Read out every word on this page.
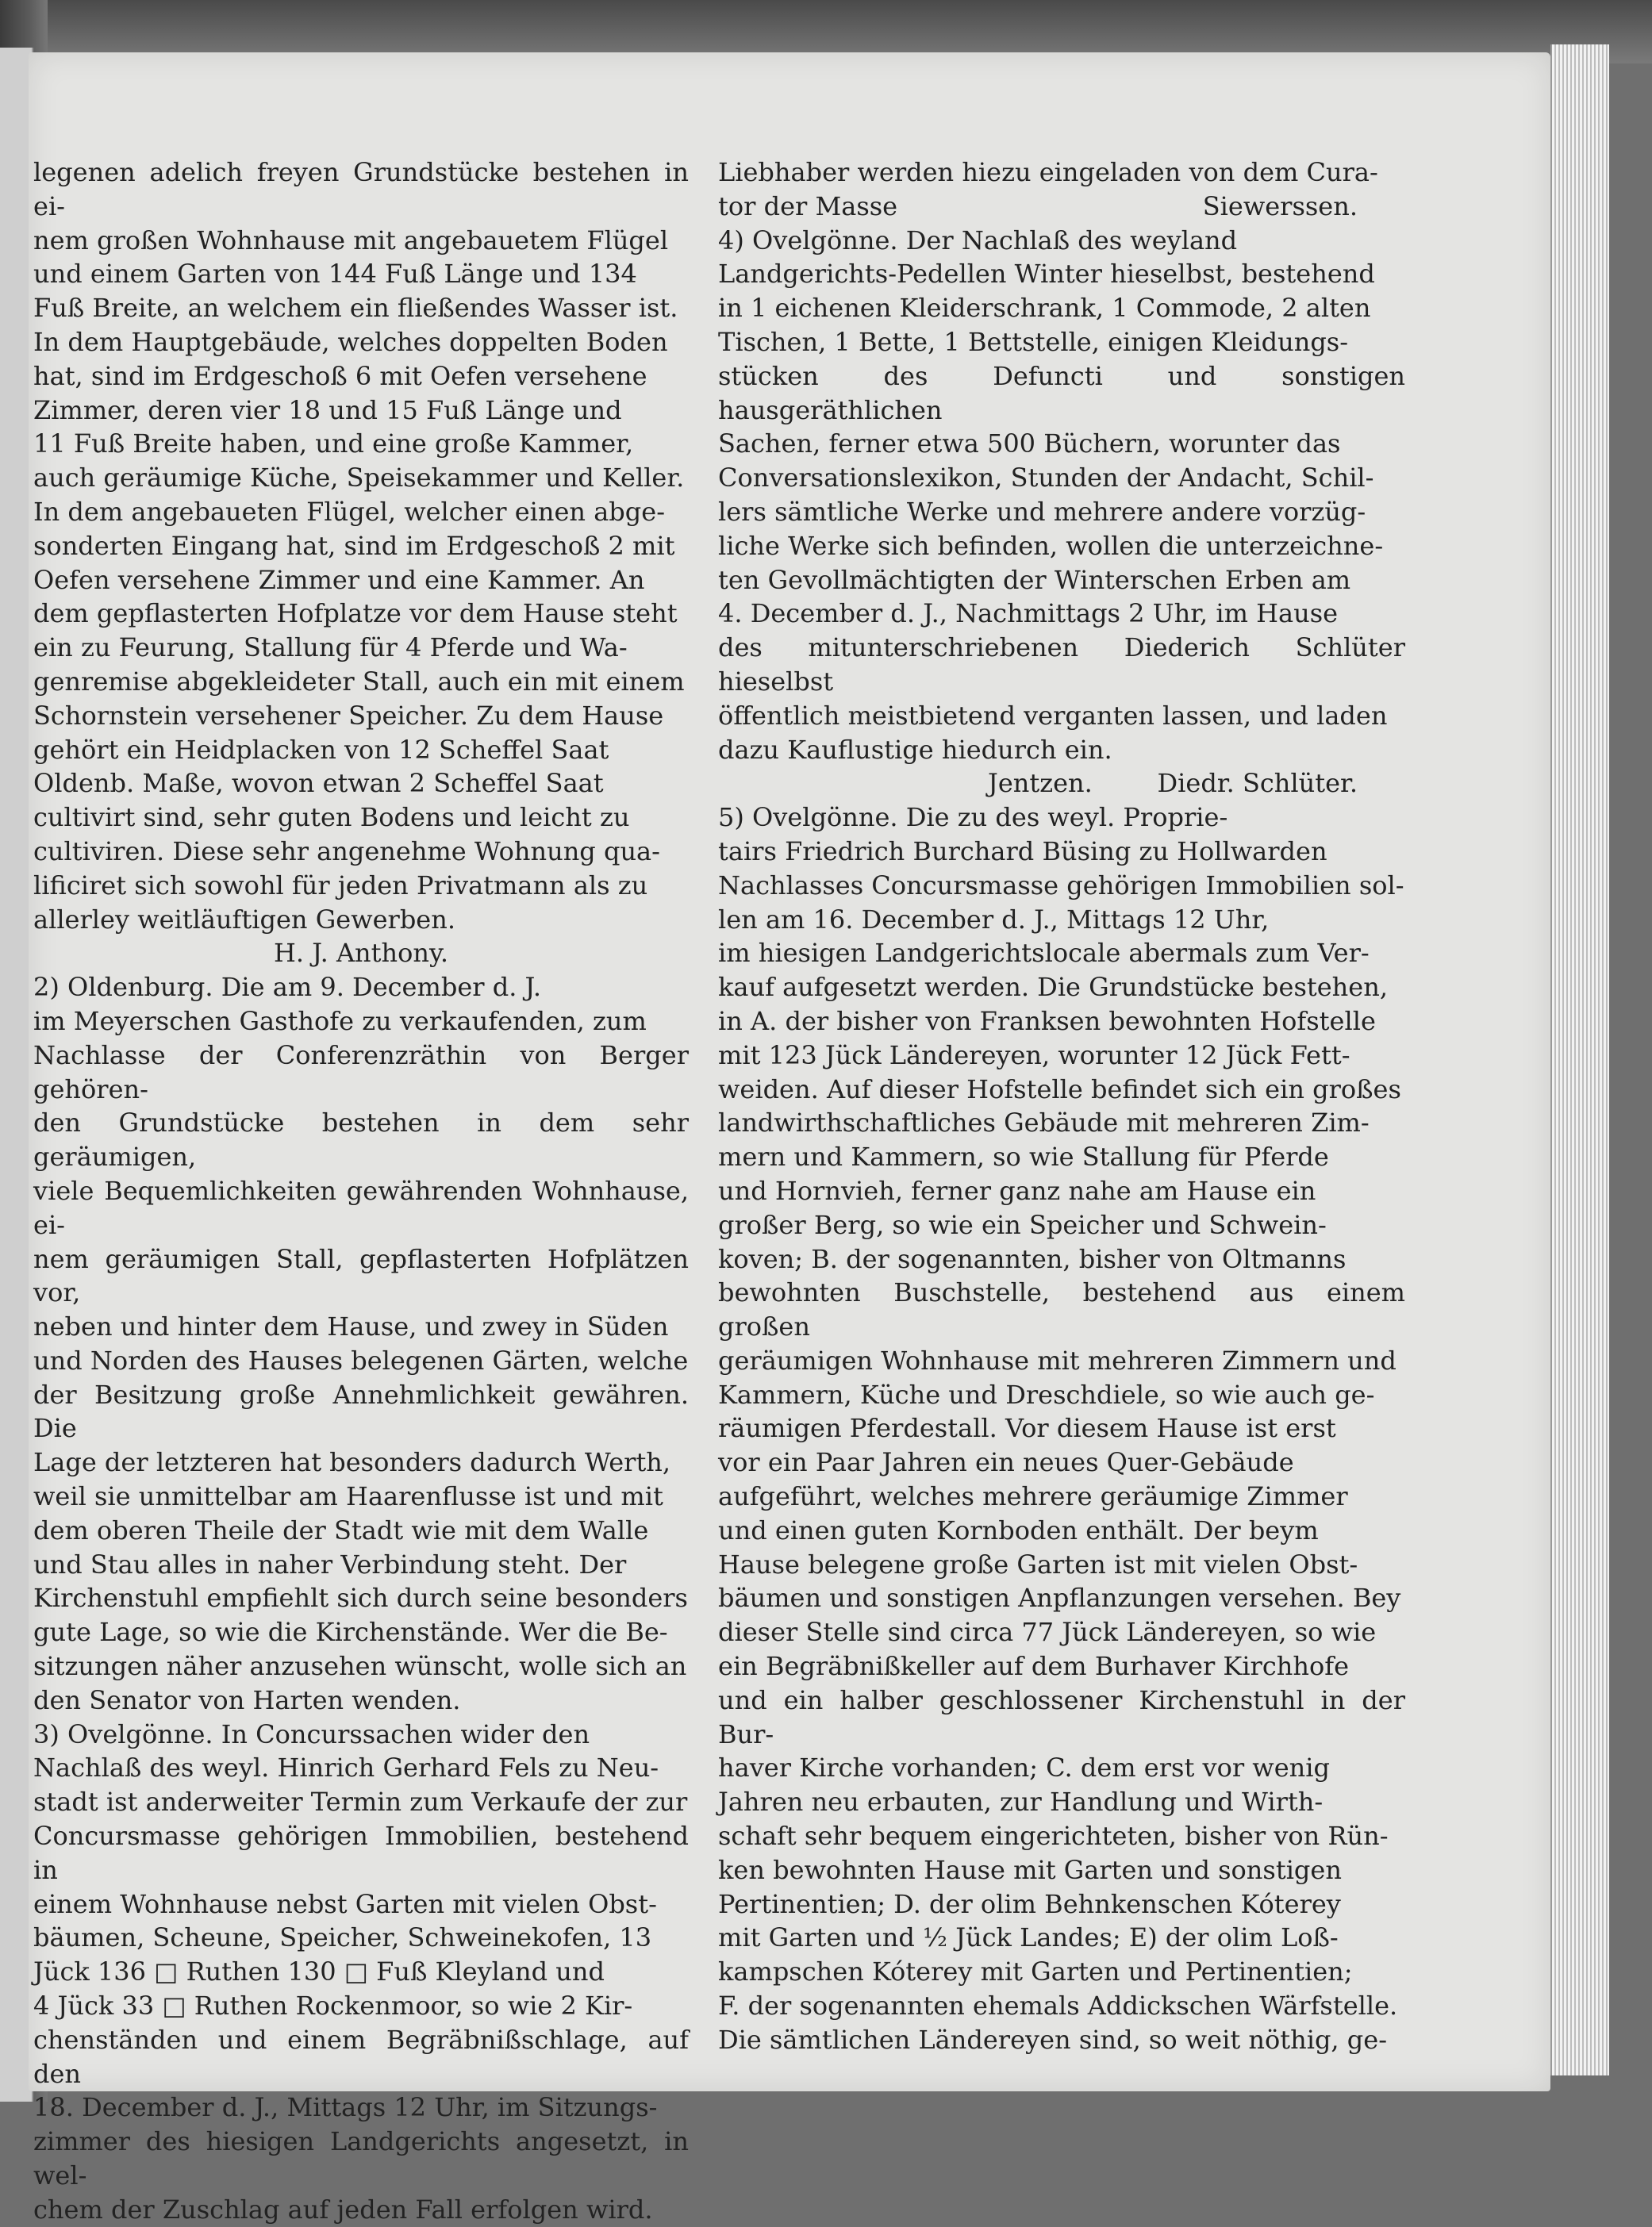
legenen adelich freyen Grundstücke bestehen in ei-
nem großen Wohnhause mit angebauetem Flügel
und einem Garten von 144 Fuß Länge und 134
Fuß Breite, an welchem ein fließendes Wasser ist.
In dem Hauptgebäude, welches doppelten Boden
hat, sind im Erdgeschoß 6 mit Oefen versehene
Zimmer, deren vier 18 und 15 Fuß Länge und
11 Fuß Breite haben, und eine große Kammer,
auch geräumige Küche, Speisekammer und Keller.
In dem angebaueten Flügel, welcher einen abge-
sonderten Eingang hat, sind im Erdgeschoß 2 mit
Oefen versehene Zimmer und eine Kammer. An
dem gepflasterten Hofplatze vor dem Hause steht
ein zu Feurung, Stallung für 4 Pferde und Wa-
genremise abgekleideter Stall, auch ein mit einem
Schornstein versehener Speicher. Zu dem Hause
gehört ein Heidplacken von 12 Scheffel Saat
Oldenb. Maße, wovon etwan 2 Scheffel Saat
cultivirt sind, sehr guten Bodens und leicht zu
cultiviren. Diese sehr angenehme Wohnung qua-
lificiret sich sowohl für jeden Privatmann als zu
allerley weitläuftigen Gewerben.

H. J. Anthony.

2) Oldenburg. Die am 9. December d. J.
im Meyerschen Gasthofe zu verkaufenden, zum
Nachlasse der Conferenzräthin von Berger gehören-
den Grundstücke bestehen in dem sehr geräumigen,
viele Bequemlichkeiten gewährenden Wohnhause, ei-
nem geräumigen Stall, gepflasterten Hofplätzen vor,
neben und hinter dem Hause, und zwey in Süden
und Norden des Hauses belegenen Gärten, welche
der Besitzung große Annehmlichkeit gewähren. Die
Lage der letzteren hat besonders dadurch Werth,
weil sie unmittelbar am Haarenflusse ist und mit
dem oberen Theile der Stadt wie mit dem Walle
und Stau alles in naher Verbindung steht. Der
Kirchenstuhl empfiehlt sich durch seine besonders
gute Lage, so wie die Kirchenstände. Wer die Be-
sitzungen näher anzusehen wünscht, wolle sich an
den Senator von Harten wenden.

3) Ovelgönne. In Concurssachen wider den
Nachlaß des weyl. Hinrich Gerhard Fels zu Neu-
stadt ist anderweiter Termin zum Verkaufe der zur
Concursmasse gehörigen Immobilien, bestehend in
einem Wohnhause nebst Garten mit vielen Obst-
bäumen, Scheune, Speicher, Schweinekofen, 13
Jück 136 □ Ruthen 130 □ Fuß Kleyland und
4 Jück 33 □ Ruthen Rockenmoor, so wie 2 Kir-
chenständen und einem Begräbnißschlage, auf den
18. December d. J., Mittags 12 Uhr, im Sitzungs-
zimmer des hiesigen Landgerichts angesetzt, in wel-
chem der Zuschlag auf jeden Fall erfolgen wird.

Liebhaber werden hiezu eingeladen von dem Cura-

tor der Masse	Siewerssen.

4) Ovelgönne. Der Nachlaß des weyland
Landgerichts-Pedellen Winter hieselbst, bestehend
in 1 eichenen Kleiderschrank, 1 Commode, 2 alten
Tischen, 1 Bette, 1 Bettstelle, einigen Kleidungs-
stücken des Defuncti und sonstigen hausgeräthlichen
Sachen, ferner etwa 500 Büchern, worunter das
Conversationslexikon, Stunden der Andacht, Schil-
lers sämtliche Werke und mehrere andere vorzüg-
liche Werke sich befinden, wollen die unterzeichne-
ten Gevollmächtigten der Winterschen Erben am
4. December d. J., Nachmittags 2 Uhr, im Hause
des mitunterschriebenen Diederich Schlüter hieselbst
öffentlich meistbietend verganten lassen, und laden
dazu Kauflustige hiedurch ein.

Jentzen.	Diedr. Schlüter.

5) Ovelgönne. Die zu des weyl. Proprie-
tairs Friedrich Burchard Büsing zu Hollwarden
Nachlasses Concursmasse gehörigen Immobilien sol-
len am 16. December d. J., Mittags 12 Uhr,
im hiesigen Landgerichtslocale abermals zum Ver-
kauf aufgesetzt werden. Die Grundstücke bestehen,
in A. der bisher von Franksen bewohnten Hofstelle
mit 123 Jück Ländereyen, worunter 12 Jück Fett-
weiden. Auf dieser Hofstelle befindet sich ein großes
landwirthschaftliches Gebäude mit mehreren Zim-
mern und Kammern, so wie Stallung für Pferde
und Hornvieh, ferner ganz nahe am Hause ein
großer Berg, so wie ein Speicher und Schwein-
koven; B. der sogenannten, bisher von Oltmanns
bewohnten Buschstelle, bestehend aus einem großen
geräumigen Wohnhause mit mehreren Zimmern und
Kammern, Küche und Dreschdiele, so wie auch ge-
räumigen Pferdestall. Vor diesem Hause ist erst
vor ein Paar Jahren ein neues Quer-Gebäude
aufgeführt, welches mehrere geräumige Zimmer
und einen guten Kornboden enthält. Der beym
Hause belegene große Garten ist mit vielen Obst-
bäumen und sonstigen Anpflanzungen versehen. Bey
dieser Stelle sind circa 77 Jück Ländereyen, so wie
ein Begräbnißkeller auf dem Burhaver Kirchhofe
und ein halber geschlossener Kirchenstuhl in der Bur-
haver Kirche vorhanden; C. dem erst vor wenig
Jahren neu erbauten, zur Handlung und Wirth-
schaft sehr bequem eingerichteten, bisher von Rün-
ken bewohnten Hause mit Garten und sonstigen
Pertinentien; D. der olim Behnkenschen Kóterey
mit Garten und ½ Jück Landes; E) der olim Loß-
kampschen Kóterey mit Garten und Pertinentien;
F. der sogenannten ehemals Addickschen Wärfstelle.
Die sämtlichen Ländereyen sind, so weit nöthig, ge-
